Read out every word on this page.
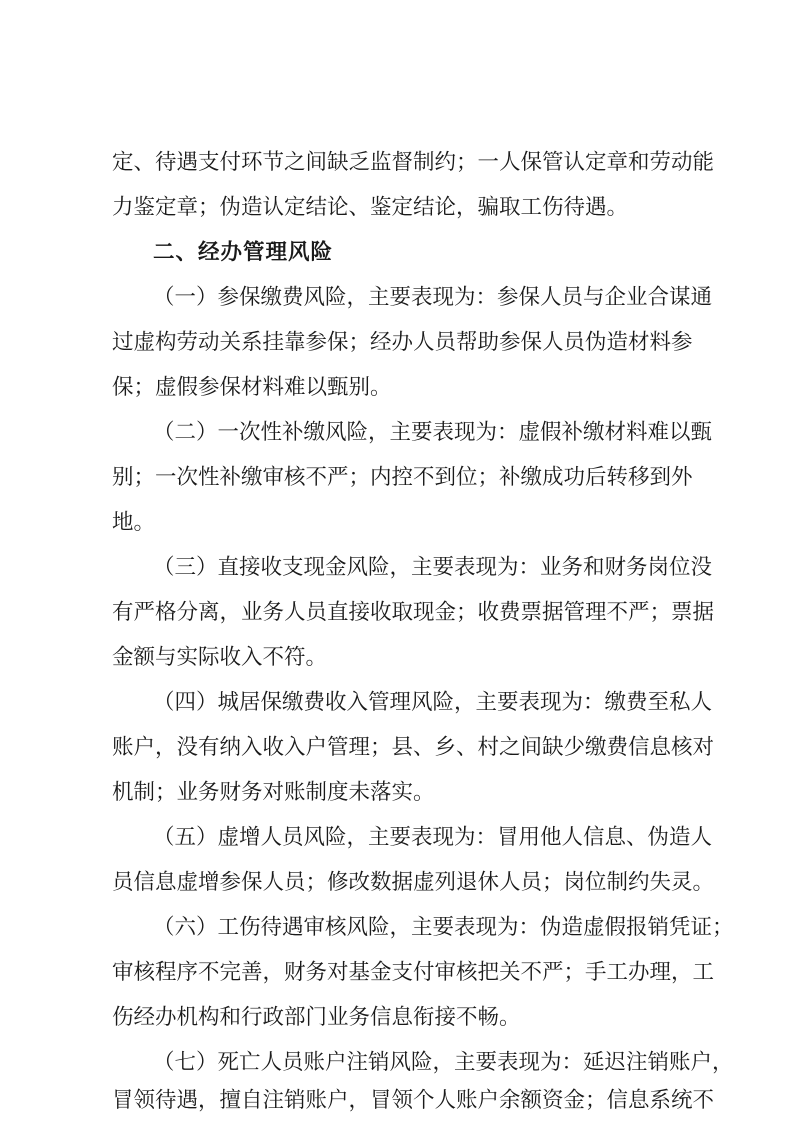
定、待遇支付环节之间缺乏监督制约；一人保管认定章和劳动能
力鉴定章；伪造认定结论、鉴定结论，骗取工伤待遇。
二、经办管理风险
（一）参保缴费风险，主要表现为：参保人员与企业合谋通
过虚构劳动关系挂靠参保；经办人员帮助参保人员伪造材料参
保；虚假参保材料难以甄别。
（二）一次性补缴风险，主要表现为：虚假补缴材料难以甄
别；一次性补缴审核不严；内控不到位；补缴成功后转移到外
地。
（三）直接收支现金风险，主要表现为：业务和财务岗位没
有严格分离，业务人员直接收取现金；收费票据管理不严；票据
金额与实际收入不符。
（四）城居保缴费收入管理风险，主要表现为：缴费至私人
账户，没有纳入收入户管理；县、乡、村之间缺少缴费信息核对
机制；业务财务对账制度未落实。
（五）虚增人员风险，主要表现为：冒用他人信息、伪造人
员信息虚增参保人员；修改数据虚列退休人员；岗位制约失灵。
（六）工伤待遇审核风险，主要表现为：伪造虚假报销凭证；
审核程序不完善，财务对基金支付审核把关不严；手工办理，工
伤经办机构和行政部门业务信息衔接不畅。
（七）死亡人员账户注销风险，主要表现为：延迟注销账户，
冒领待遇，擅自注销账户，冒领个人账户余额资金；信息系统不
